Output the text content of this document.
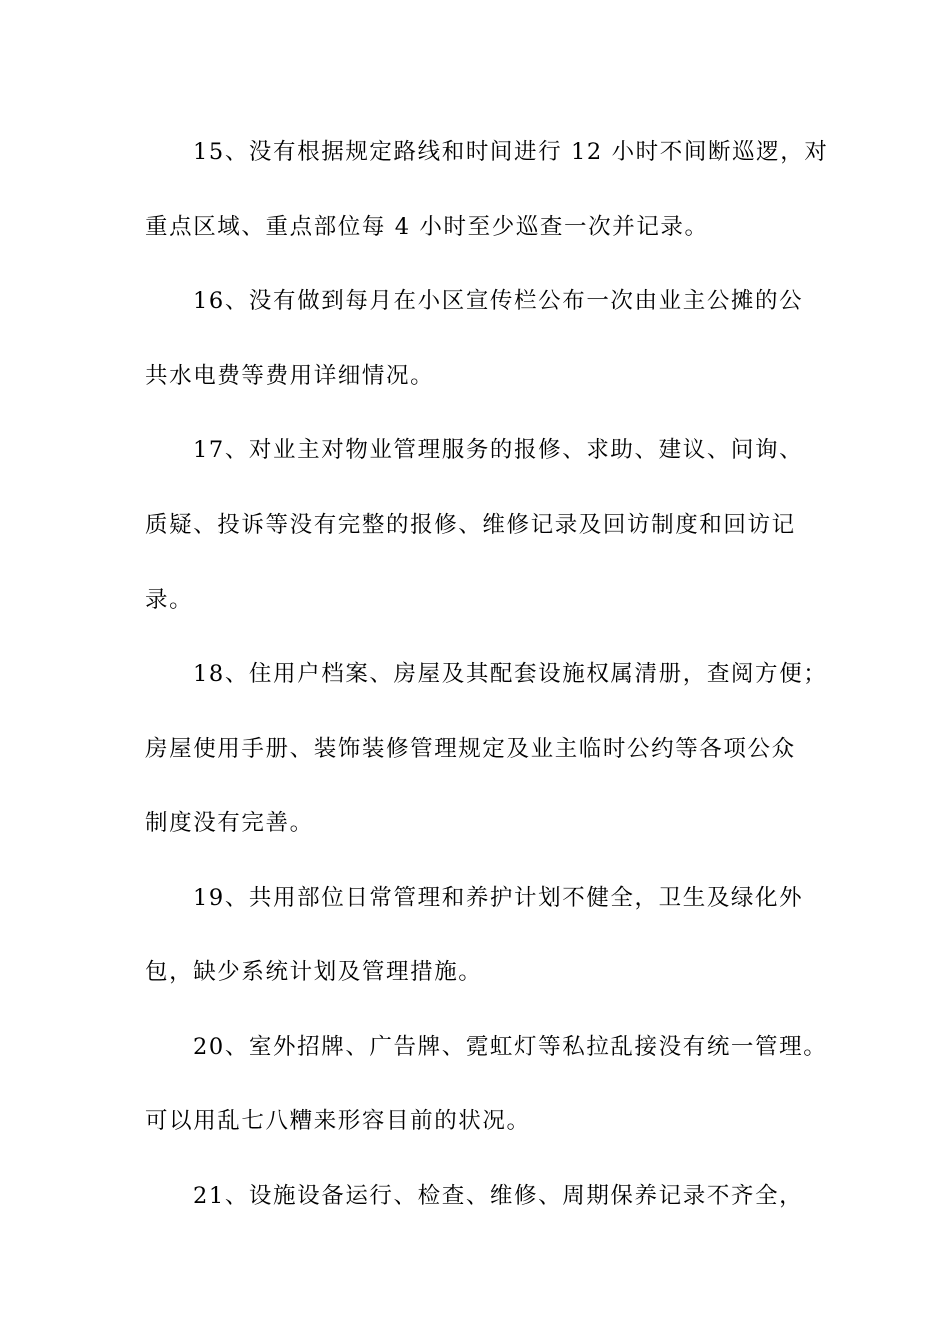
15、没有根据规定路线和时间进行 12 小时不间断巡逻，对
重点区域、重点部位每 4 小时至少巡查一次并记录。
16、没有做到每月在小区宣传栏公布一次由业主公摊的公
共水电费等费用详细情况。
17、对业主对物业管理服务的报修、求助、建议、问询、
质疑、投诉等没有完整的报修、维修记录及回访制度和回访记
录。
18、住用户档案、房屋及其配套设施权属清册，查阅方便；
房屋使用手册、装饰装修管理规定及业主临时公约等各项公众
制度没有完善。
19、共用部位日常管理和养护计划不健全，卫生及绿化外
包，缺少系统计划及管理措施。
20、室外招牌、广告牌、霓虹灯等私拉乱接没有统一管理。
可以用乱七八糟来形容目前的状况。
21、设施设备运行、检查、维修、周期保养记录不齐全，
